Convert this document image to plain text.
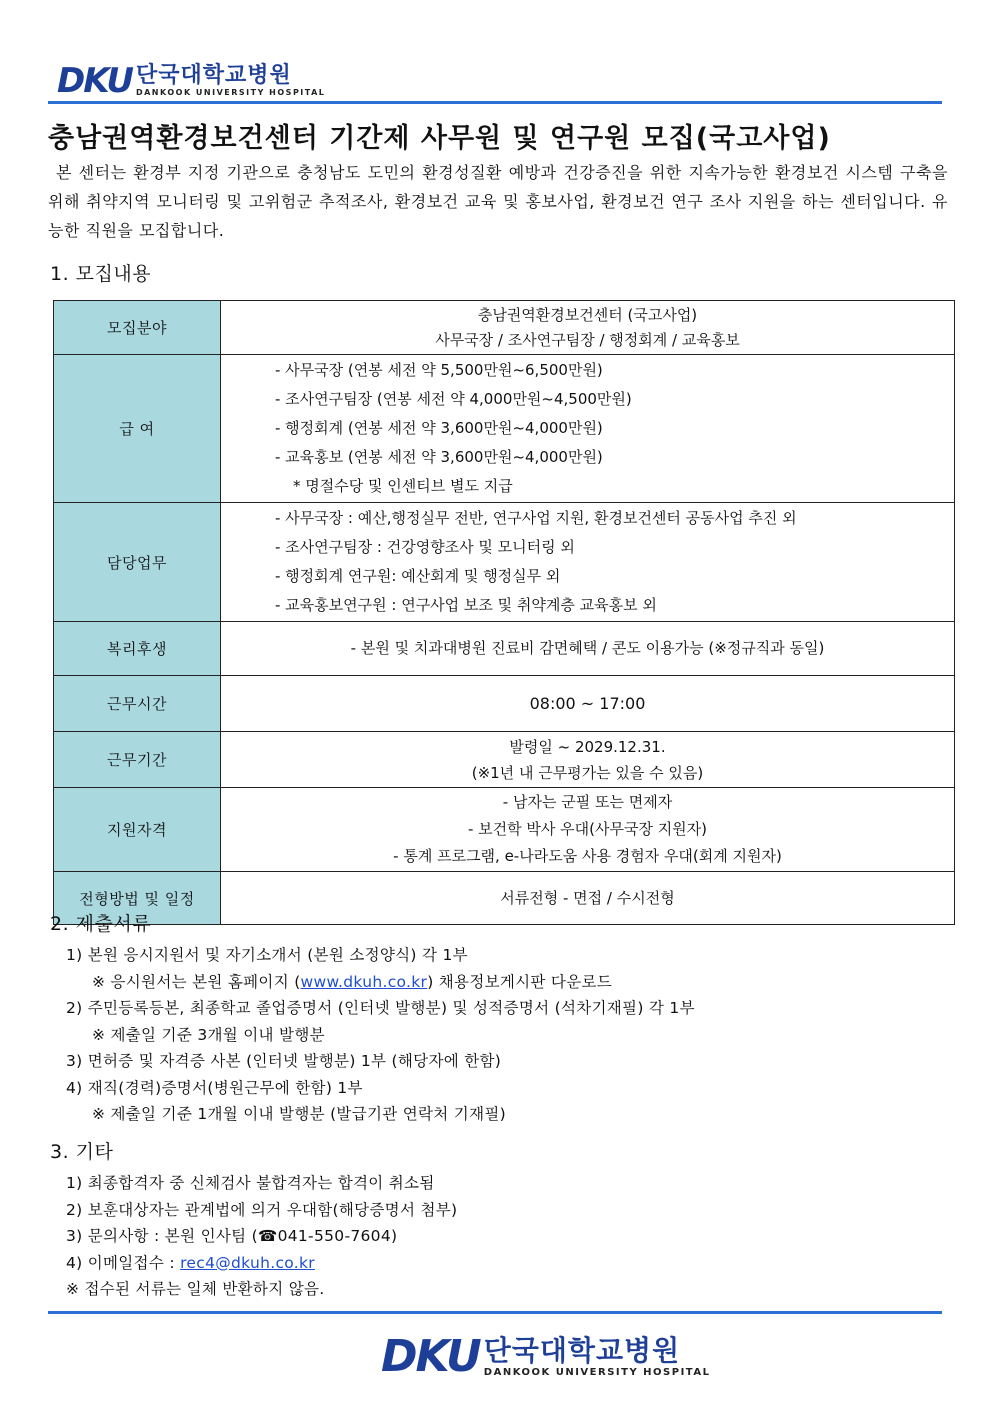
DKU 단국대학교병원
DANKOOK UNIVERSITY HOSPITAL
충남권역환경보건센터 기간제 사무원 및 연구원 모집(국고사업)
본 센터는 환경부 지정 기관으로 충청남도 도민의 환경성질환 예방과 건강증진을 위한 지속가능한 환경보건 시스템 구축을 위해 취약지역 모니터링 및 고위험군 추적조사, 환경보건 교육 및 홍보사업, 환경보건 연구 조사 지원을 하는 센터입니다. 유능한 직원을 모집합니다.
1. 모집내용
모집분야	충남권역환경보건센터 (국고사업)
사무국장 / 조사연구팀장 / 행정회계 / 교육홍보

급 여	- 사무국장 (연봉 세전 약 5,500만원~6,500만원)
- 조사연구팀장 (연봉 세전 약 4,000만원~4,500만원)
- 행정회계 (연봉 세전 약 3,600만원~4,000만원)
- 교육홍보 (연봉 세전 약 3,600만원~4,000만원)
* 명절수당 및 인센티브 별도 지급

담당업무	- 사무국장 : 예산,행정실무 전반, 연구사업 지원, 환경보건센터 공동사업 추진 외
- 조사연구팀장 : 건강영향조사 및 모니터링 외
- 행정회계 연구원: 예산회계 및 행정실무 외
- 교육홍보연구원 : 연구사업 보조 및 취약계층 교육홍보 외

복리후생	- 본원 및 치과대병원 진료비 감면혜택 / 콘도 이용가능 (※정규직과 동일)

근무시간	08:00 ~ 17:00

근무기간	발령일 ~ 2029.12.31.
(※1년 내 근무평가는 있을 수 있음)

지원자격	- 남자는 군필 또는 면제자
- 보건학 박사 우대(사무국장 지원자)
- 통계 프로그램, e-나라도움 사용 경험자 우대(회계 지원자)

전형방법 및 일정	서류전형 - 면접 / 수시전형
2. 제출서류
1) 본원 응시지원서 및 자기소개서 (본원 소정양식) 각 1부
※ 응시원서는 본원 홈페이지 (www.dkuh.co.kr) 채용정보게시판 다운로드
2) 주민등록등본, 최종학교 졸업증명서 (인터넷 발행분) 및 성적증명서 (석차기재필) 각 1부
※ 제출일 기준 3개월 이내 발행분
3) 면허증 및 자격증 사본 (인터넷 발행분) 1부 (해당자에 한함)
4) 재직(경력)증명서(병원근무에 한함) 1부
※ 제출일 기준 1개월 이내 발행분 (발급기관 연락처 기재필)
3. 기타
1) 최종합격자 중 신체검사 불합격자는 합격이 취소됨
2) 보훈대상자는 관계법에 의거 우대함(해당증명서 첨부)
3) 문의사항 : 본원 인사팀 (☎041-550-7604)
4) 이메일접수 : rec4@dkuh.co.kr
※ 접수된 서류는 일체 반환하지 않음.
DKU 단국대학교병원
DANKOOK UNIVERSITY HOSPITAL
